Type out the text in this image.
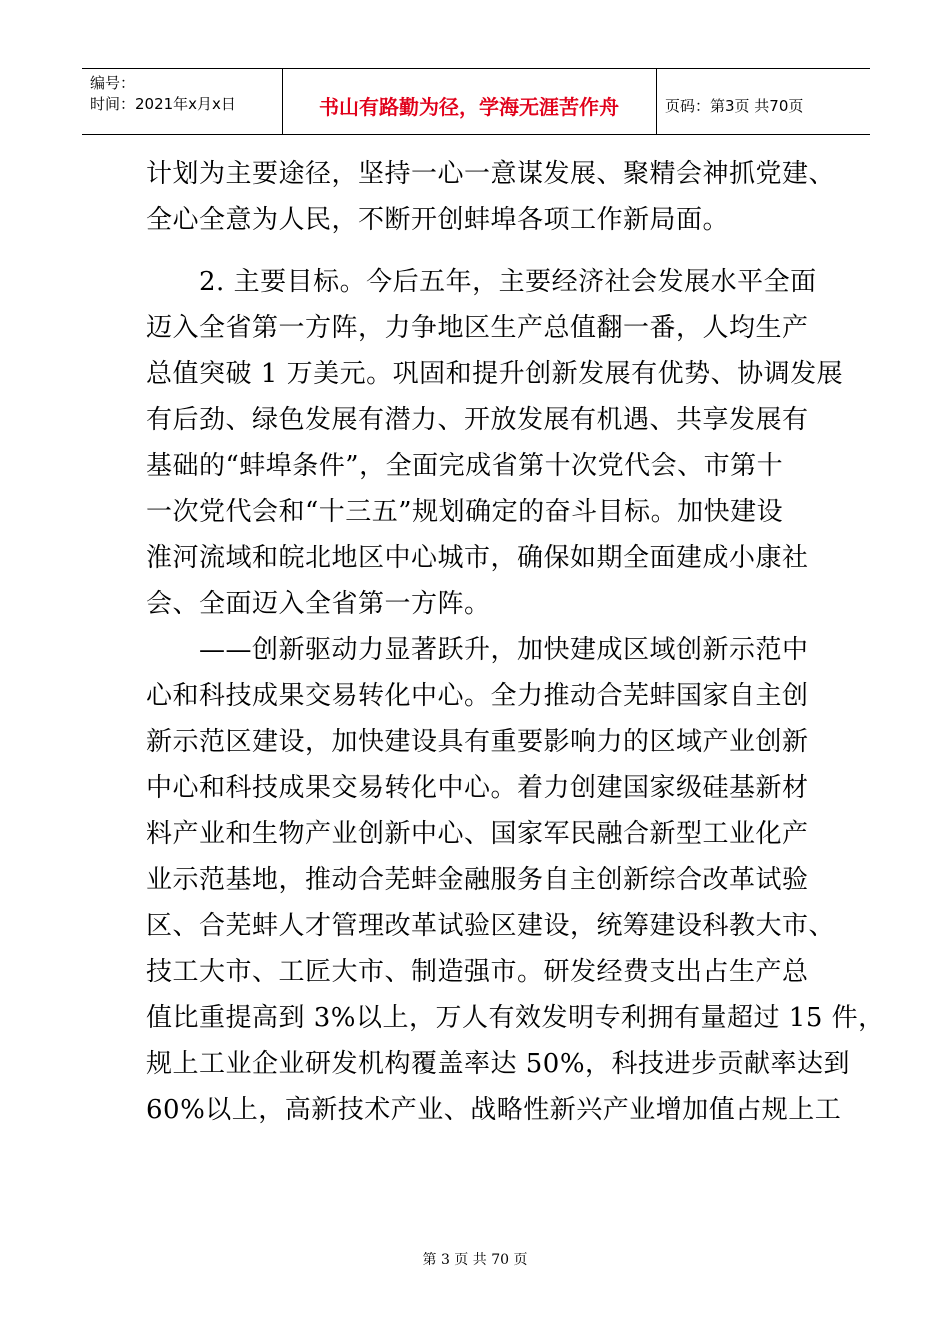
编号：
时间：2021年x月x日	书山有路勤为径，学海无涯苦作舟	页码：第3页 共70页

计划为主要途径，坚持一心一意谋发展、聚精会神抓党建、

全心全意为人民，不断开创蚌埠各项工作新局面。

　　2. 主要目标。今后五年，主要经济社会发展水平全面

迈入全省第一方阵，力争地区生产总值翻一番，人均生产

总值突破 1 万美元。巩固和提升创新发展有优势、协调发展

有后劲、绿色发展有潜力、开放发展有机遇、共享发展有

基础的“蚌埠条件”，全面完成省第十次党代会、市第十

一次党代会和“十三五”规划确定的奋斗目标。加快建设

淮河流域和皖北地区中心城市，确保如期全面建成小康社

会、全面迈入全省第一方阵。

　　——创新驱动力显著跃升，加快建成区域创新示范中

心和科技成果交易转化中心。全力推动合芜蚌国家自主创

新示范区建设，加快建设具有重要影响力的区域产业创新

中心和科技成果交易转化中心。着力创建国家级硅基新材

料产业和生物产业创新中心、国家军民融合新型工业化产

业示范基地，推动合芜蚌金融服务自主创新综合改革试验

区、合芜蚌人才管理改革试验区建设，统筹建设科教大市、

技工大市、工匠大市、制造强市。研发经费支出占生产总

值比重提高到 3%以上，万人有效发明专利拥有量超过 15 件，

规上工业企业研发机构覆盖率达 50%，科技进步贡献率达到

60%以上，高新技术产业、战略性新兴产业增加值占规上工

第 3 页 共 70 页
